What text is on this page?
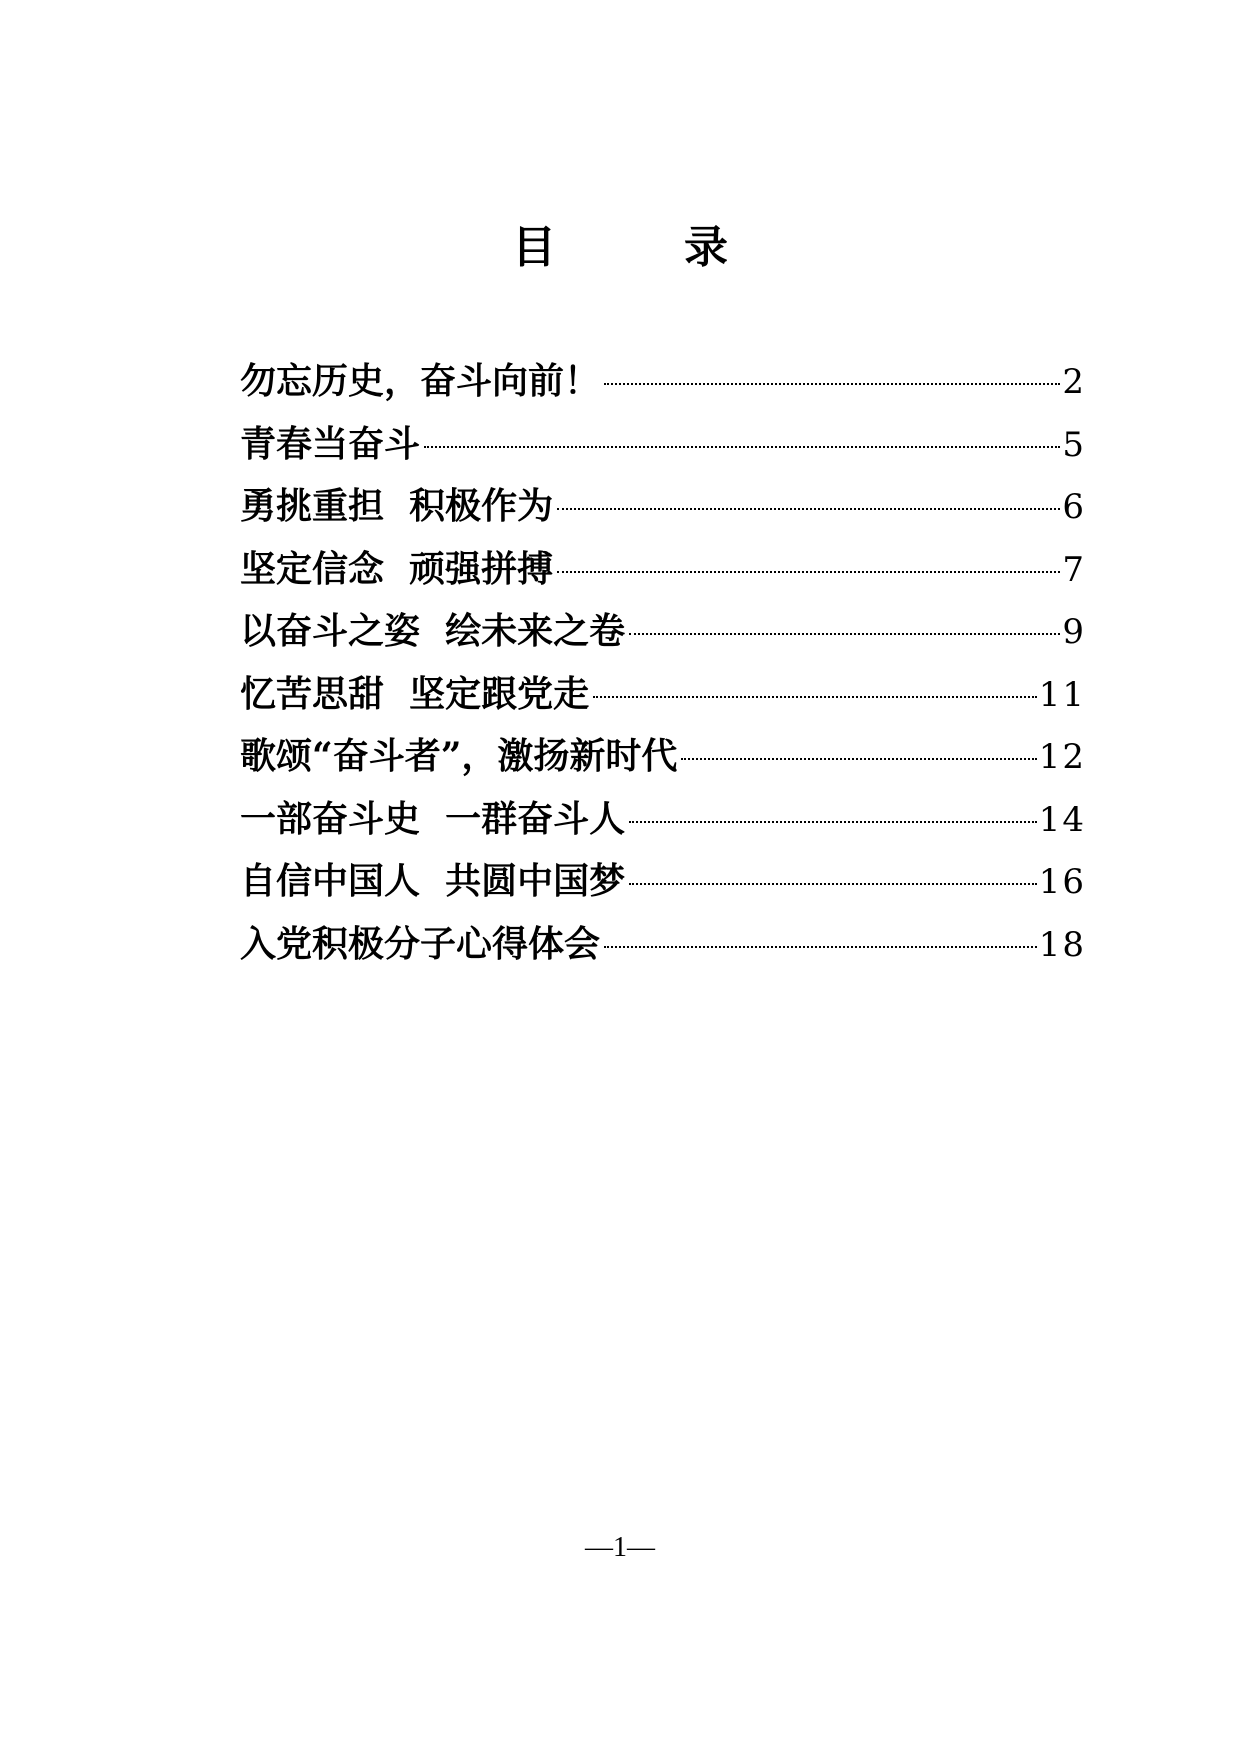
目　录
勿忘历史，奋斗向前！	2
青春当奋斗	5
勇挑重担  积极作为	6
坚定信念  顽强拼搏	7
以奋斗之姿  绘未来之卷	9
忆苦思甜  坚定跟党走	11
歌颂“奋斗者”，激扬新时代	12
一部奋斗史  一群奋斗人	14
自信中国人  共圆中国梦	16
入党积极分子心得体会	18
—1—
